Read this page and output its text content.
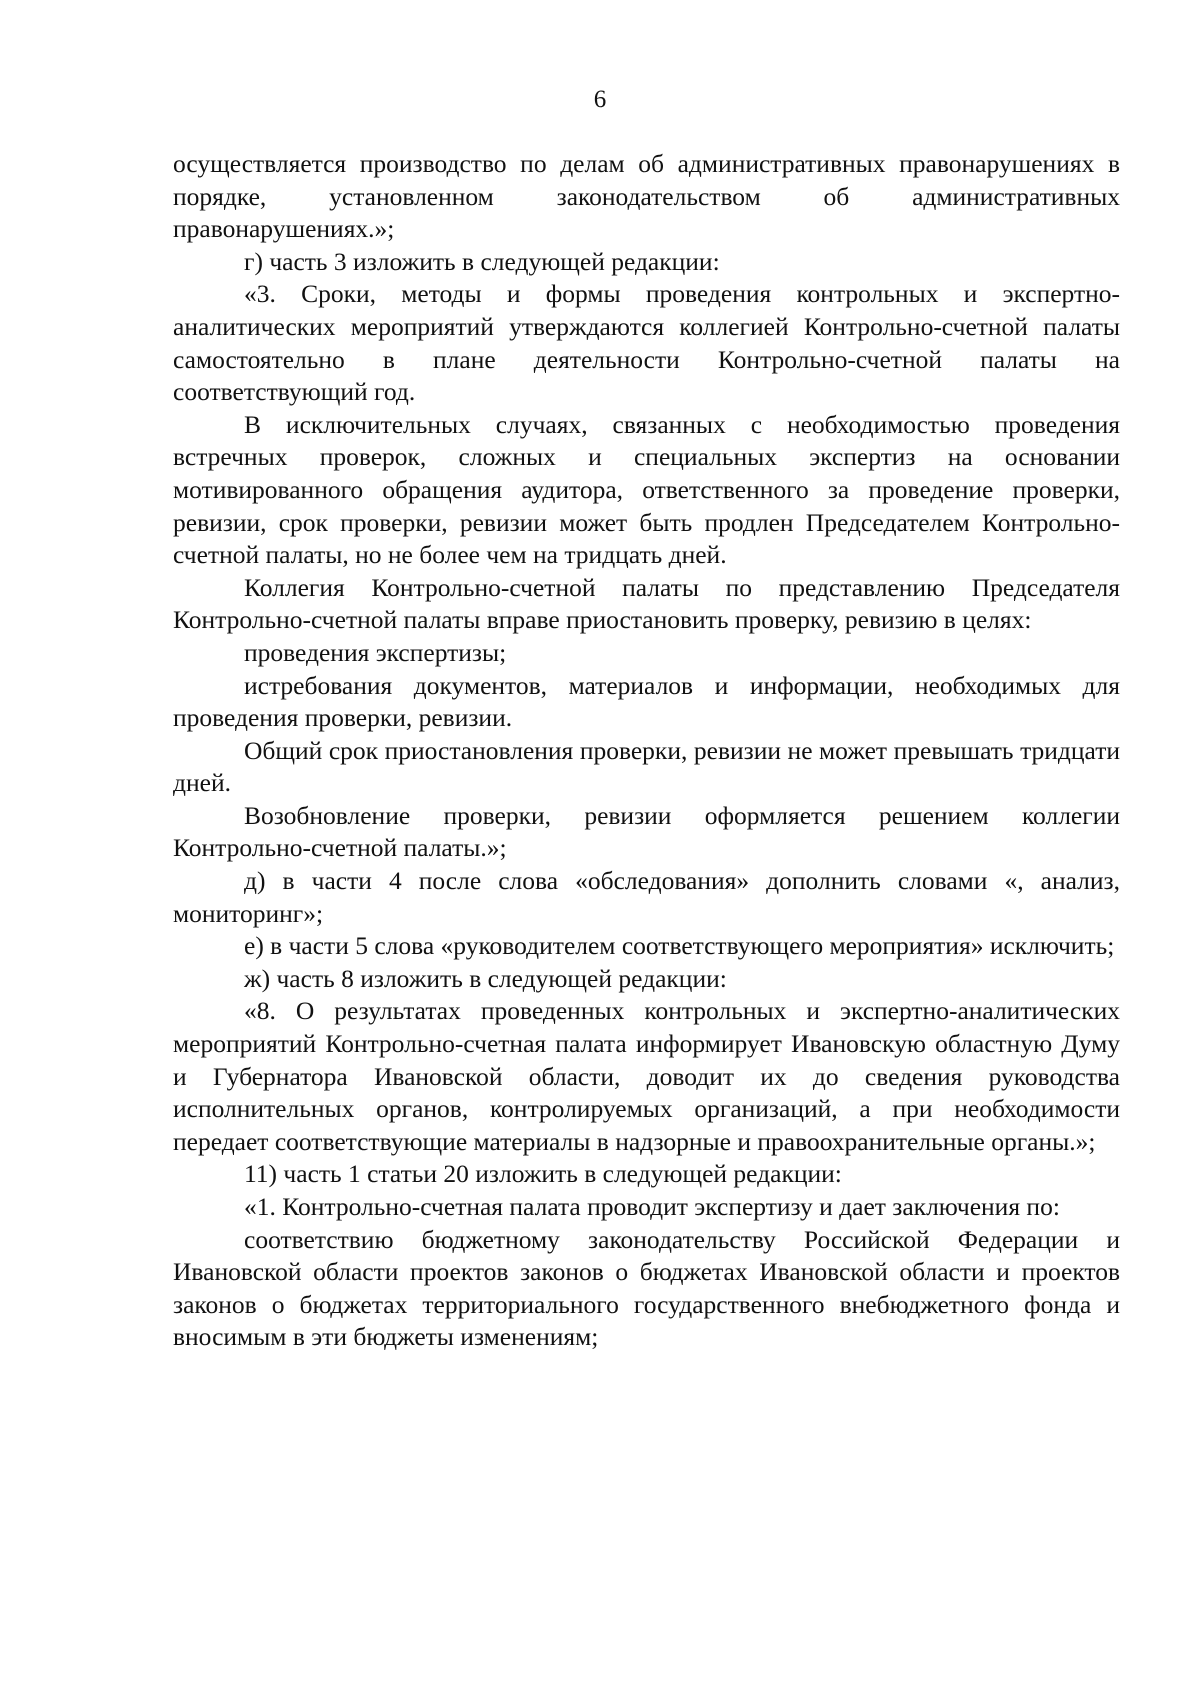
6

осуществляется производство по делам об административных правонарушениях в порядке, установленном законодательством об административных правонарушениях.»;

г) часть 3 изложить в следующей редакции:

«3. Сроки, методы и формы проведения контрольных и экспертно-аналитических мероприятий утверждаются коллегией Контрольно-счетной палаты самостоятельно в плане деятельности Контрольно-счетной палаты на соответствующий год.

В исключительных случаях, связанных с необходимостью проведения встречных проверок, сложных и специальных экспертиз на основании мотивированного обращения аудитора, ответственного за проведение проверки, ревизии, срок проверки, ревизии может быть продлен Председателем Контрольно-счетной палаты, но не более чем на тридцать дней.

Коллегия Контрольно-счетной палаты по представлению Председателя Контрольно-счетной палаты вправе приостановить проверку, ревизию в целях:

проведения экспертизы;

истребования документов, материалов и информации, необходимых для проведения проверки, ревизии.

Общий срок приостановления проверки, ревизии не может превышать тридцати дней.

Возобновление проверки, ревизии оформляется решением коллегии Контрольно-счетной палаты.»;

д) в части 4 после слова «обследования» дополнить словами «, анализ, мониторинг»;

е) в части 5 слова «руководителем соответствующего мероприятия» исключить;

ж) часть 8 изложить в следующей редакции:

«8. О результатах проведенных контрольных и экспертно-аналитических мероприятий Контрольно-счетная палата информирует Ивановскую областную Думу и Губернатора Ивановской области, доводит их до сведения руководства исполнительных органов, контролируемых организаций, а при необходимости передает соответствующие материалы в надзорные и правоохранительные органы.»;

11) часть 1 статьи 20 изложить в следующей редакции:

«1. Контрольно-счетная палата проводит экспертизу и дает заключения по:

соответствию бюджетному законодательству Российской Федерации и Ивановской области проектов законов о бюджетах Ивановской области и проектов законов о бюджетах территориального государственного внебюджетного фонда и вносимым в эти бюджеты изменениям;
